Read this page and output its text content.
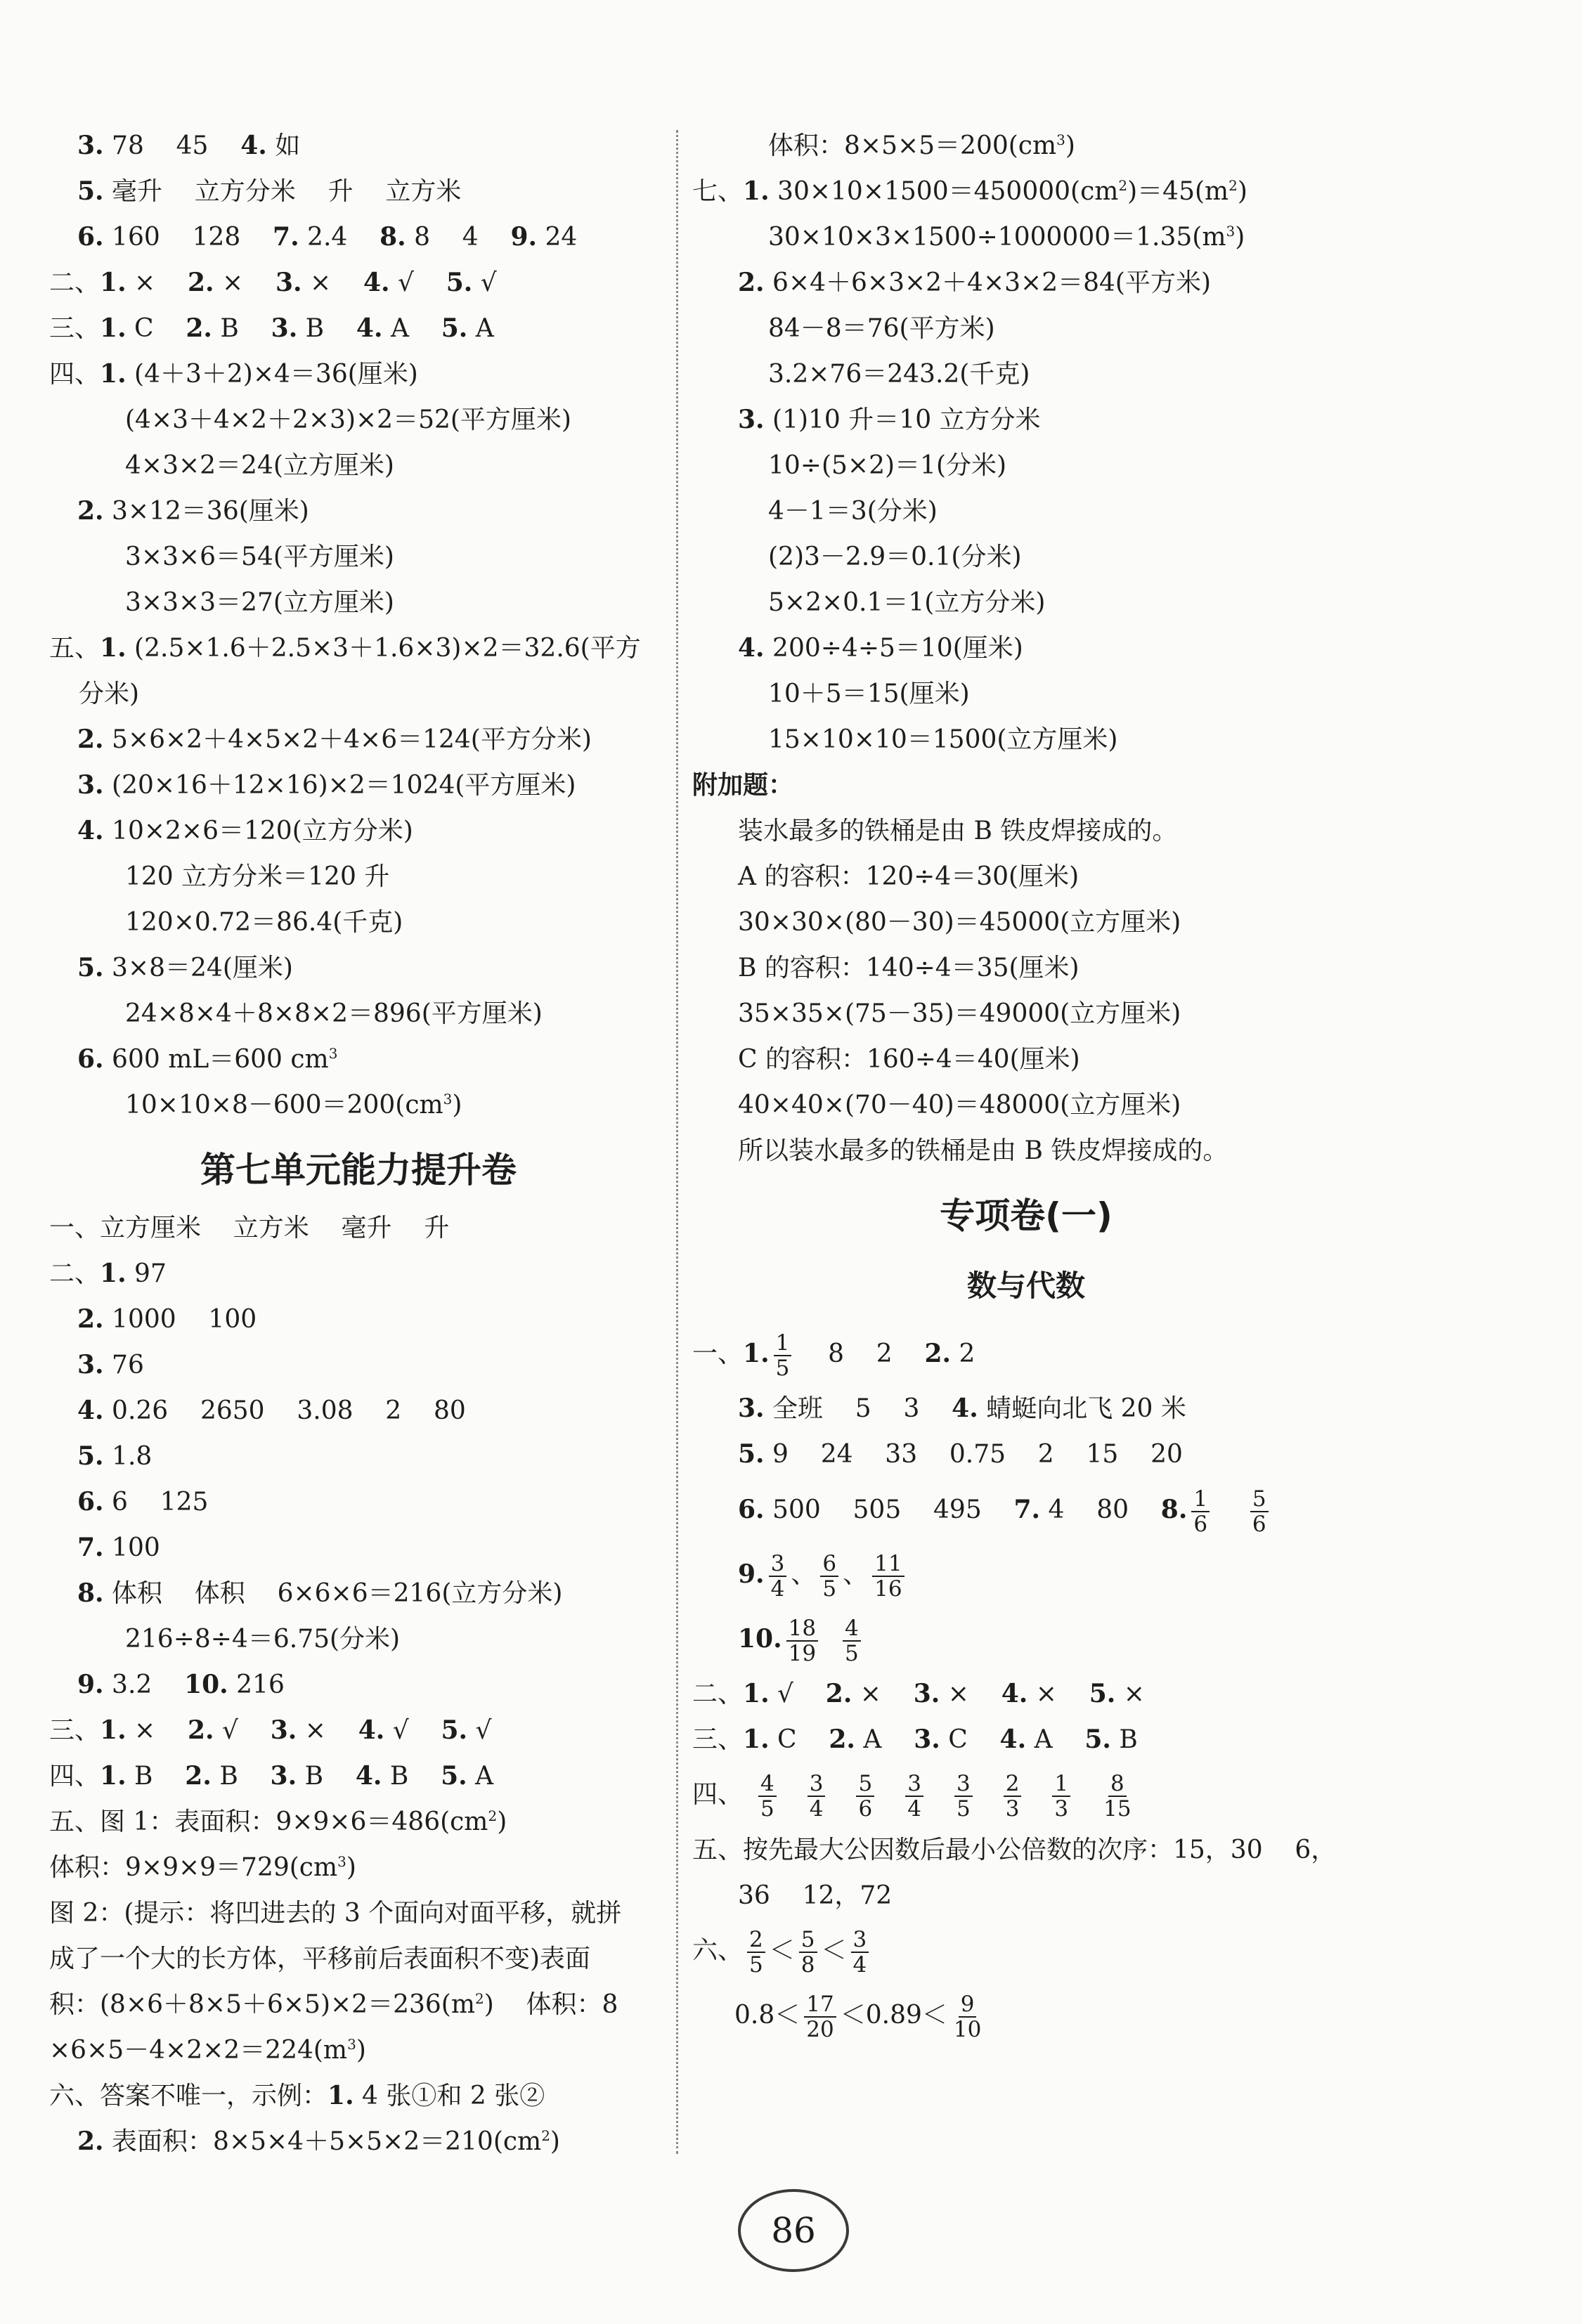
3. 78    45    4. 如
5. 毫升    立方分米    升    立方米
6. 160    128    7. 2.4    8. 8    4    9. 24
二、1. ×    2. ×    3. ×    4. √    5. √
三、1. C    2. B    3. B    4. A    5. A
四、1. (4＋3＋2)×4＝36(厘米)
(4×3＋4×2＋2×3)×2＝52(平方厘米)
4×3×2＝24(立方厘米)
2. 3×12＝36(厘米)
3×3×6＝54(平方厘米)
3×3×3＝27(立方厘米)
五、1. (2.5×1.6＋2.5×3＋1.6×3)×2＝32.6(平方
分米)
2. 5×6×2＋4×5×2＋4×6＝124(平方分米)
3. (20×16＋12×16)×2＝1024(平方厘米)
4. 10×2×6＝120(立方分米)
120 立方分米＝120 升
120×0.72＝86.4(千克)
5. 3×8＝24(厘米)
24×8×4＋8×8×2＝896(平方厘米)
6. 600 mL＝600 $cm^3$
$10\times 10\times 8-600=200(cm^3)$
第七单元能力提升卷
一、立方厘米    立方米    毫升    升
二、1. 97
2. 1000    100
3. 76
4. 0.26    2650    3.08    2    80
5. 1.8
6. 6    125
7. 100
8. 体积    体积    6×6×6＝216(立方分米)
216÷8÷4＝6.75(分米)
9. 3.2    10. 216
三、1. ×    2. √    3. ×    4. √    5. √
四、1. B    2. B    3. B    4. B    5. A
五、图 1：表面积：$9\times 9\times 6=486(cm^2)$
体积：$9\times 9\times 9=729(cm^3)$
图 2：(提示：将凹进去的 3 个面向对面平移，就拼
成了一个大的长方体，平移前后表面积不变)表面
积：$(8\times 6+8\times 5+6\times 5)\times 2=236(m^2)$    体积：8
$\times 6\times 5-4\times 2\times 2=224(m^3)$
六、答案不唯一，示例：1. 4 张①和 2 张②
2. 表面积：$8\times 5\times 4+5\times 5\times 2=210(cm^2)$
体积：$8\times 5\times 5=200(cm^3)$
七、1. $30\times 10\times 1500=450000(cm^2)=45(m^2)$
$30\times 10\times 3\times 1500\div 1000000=1.35(m^3)$
2. 6×4＋6×3×2＋4×3×2＝84(平方米)
84－8＝76(平方米)
3.2×76＝243.2(千克)
3. (1)10 升＝10 立方分米
10÷(5×2)＝1(分米)
4－1＝3(分米)
(2)3－2.9＝0.1(分米)
5×2×0.1＝1(立方分米)
4. 200÷4÷5＝10(厘米)
10＋5＝15(厘米)
15×10×10＝1500(立方厘米)
附加题：
装水最多的铁桶是由 B 铁皮焊接成的。
A 的容积：120÷4＝30(厘米)
30×30×(80－30)＝45000(立方厘米)
B 的容积：140÷4＝35(厘米)
35×35×(75－35)＝49000(立方厘米)
C 的容积：160÷4＝40(厘米)
40×40×(70－40)＝48000(立方厘米)
所以装水最多的铁桶是由 B 铁皮焊接成的。
专项卷(一)
数与代数
一、1. $\frac{1}{5} 8$    2    2. 2
3. 全班    5    3    4. 蜻蜓向北飞 20 米
5. 9    24    33    0.75    2    15    20
6. 500    505    495    7. 4    80    8. $\frac{1}{6}$
$\frac{5}{6}$
9. $\frac{3}{4}$ 、 $\frac{6}{5}$ 、 $\frac{11}{16}$
10. $\frac{18}{19}$
$\frac{4}{5}$
二、1. √    2. ×    3. ×    4. ×    5. ×
三、1. C    2. A    3. C    4. A    5. B
四、 $\frac{4}{5} \frac{3}{4} \frac{5}{6} \frac{3}{4} \frac{3}{5} \frac{2}{3} \frac{1}{3} \frac{8}{15}$
五、按先最大公因数后最小公倍数的次序：15，30    6，
36    12，72
六、 $\frac{2}{5} < \frac{5}{8} < \frac{3}{4}$
$0.8< \frac{17}{20} <0.89< \frac{9}{10}$
86
